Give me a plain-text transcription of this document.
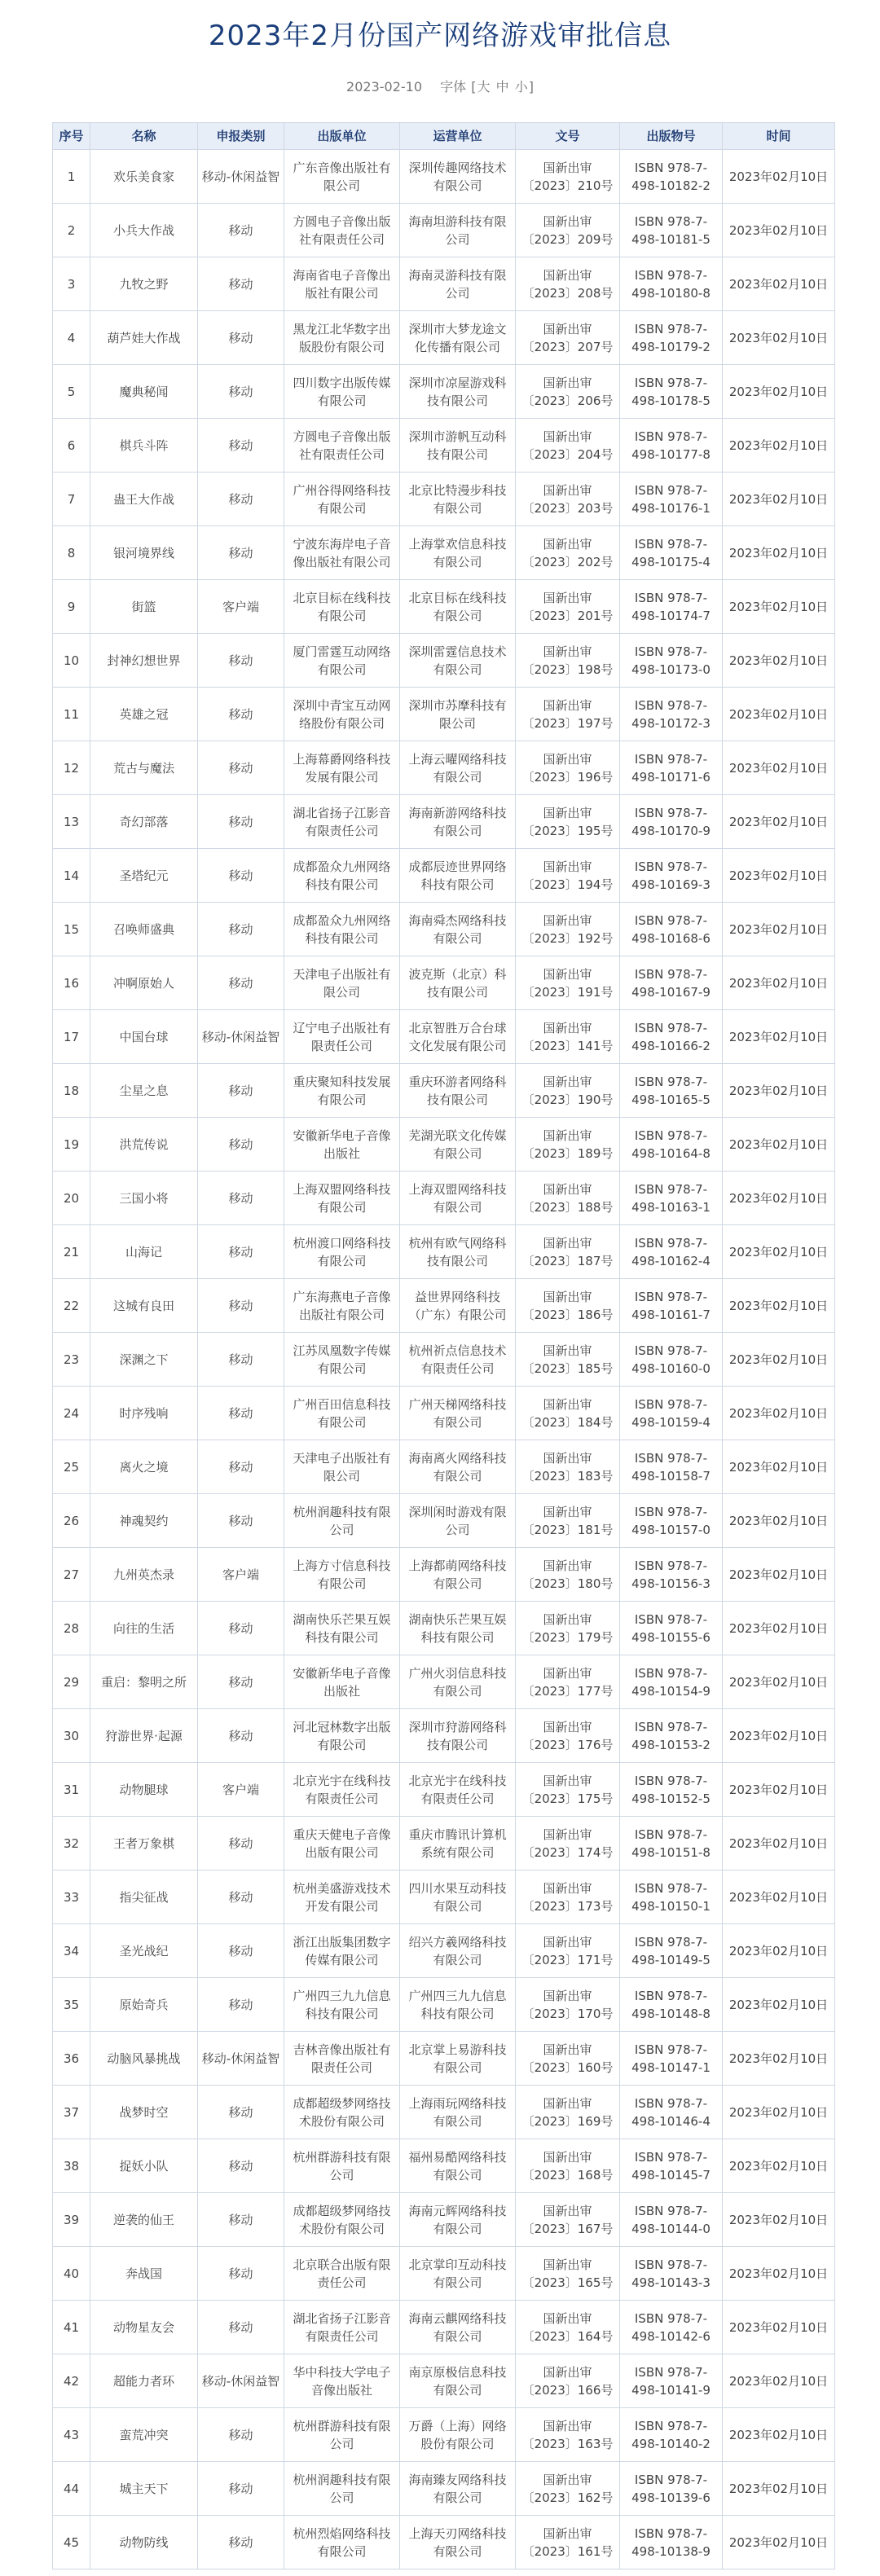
2023年2月份国产网络游戏审批信息
2023-02-10 字体 [大 中 小]
序号	名称	申报类别	出版单位	运营单位	文号	出版物号	时间
1	欢乐美食家	移动-休闲益智	广东音像出版社有限公司	深圳传趣网络技术有限公司	国新出审〔2023〕210号	ISBN 978-7-498-10182-2	2023年02月10日
2	小兵大作战	移动	方圆电子音像出版社有限责任公司	海南坦游科技有限公司	国新出审〔2023〕209号	ISBN 978-7-498-10181-5	2023年02月10日
3	九牧之野	移动	海南省电子音像出版社有限公司	海南灵游科技有限公司	国新出审〔2023〕208号	ISBN 978-7-498-10180-8	2023年02月10日
4	葫芦娃大作战	移动	黑龙江北华数字出版股份有限公司	深圳市大梦龙途文化传播有限公司	国新出审〔2023〕207号	ISBN 978-7-498-10179-2	2023年02月10日
5	魔典秘闻	移动	四川数字出版传媒有限公司	深圳市凉屋游戏科技有限公司	国新出审〔2023〕206号	ISBN 978-7-498-10178-5	2023年02月10日
6	棋兵斗阵	移动	方圆电子音像出版社有限责任公司	深圳市游帆互动科技有限公司	国新出审〔2023〕204号	ISBN 978-7-498-10177-8	2023年02月10日
7	蛊王大作战	移动	广州谷得网络科技有限公司	北京比特漫步科技有限公司	国新出审〔2023〕203号	ISBN 978-7-498-10176-1	2023年02月10日
8	银河境界线	移动	宁波东海岸电子音像出版社有限公司	上海掌欢信息科技有限公司	国新出审〔2023〕202号	ISBN 978-7-498-10175-4	2023年02月10日
9	街篮	客户端	北京目标在线科技有限公司	北京目标在线科技有限公司	国新出审〔2023〕201号	ISBN 978-7-498-10174-7	2023年02月10日
10	封神幻想世界	移动	厦门雷霆互动网络有限公司	深圳雷霆信息技术有限公司	国新出审〔2023〕198号	ISBN 978-7-498-10173-0	2023年02月10日
11	英雄之冠	移动	深圳中青宝互动网络股份有限公司	深圳市苏摩科技有限公司	国新出审〔2023〕197号	ISBN 978-7-498-10172-3	2023年02月10日
12	荒古与魔法	移动	上海幕爵网络科技发展有限公司	上海云曜网络科技有限公司	国新出审〔2023〕196号	ISBN 978-7-498-10171-6	2023年02月10日
13	奇幻部落	移动	湖北省扬子江影音有限责任公司	海南新游网络科技有限公司	国新出审〔2023〕195号	ISBN 978-7-498-10170-9	2023年02月10日
14	圣塔纪元	移动	成都盈众九州网络科技有限公司	成都辰迹世界网络科技有限公司	国新出审〔2023〕194号	ISBN 978-7-498-10169-3	2023年02月10日
15	召唤师盛典	移动	成都盈众九州网络科技有限公司	海南舜杰网络科技有限公司	国新出审〔2023〕192号	ISBN 978-7-498-10168-6	2023年02月10日
16	冲啊原始人	移动	天津电子出版社有限公司	波克斯（北京）科技有限公司	国新出审〔2023〕191号	ISBN 978-7-498-10167-9	2023年02月10日
17	中国台球	移动-休闲益智	辽宁电子出版社有限责任公司	北京智胜万合台球文化发展有限公司	国新出审〔2023〕141号	ISBN 978-7-498-10166-2	2023年02月10日
18	尘星之息	移动	重庆聚知科技发展有限公司	重庆环游者网络科技有限公司	国新出审〔2023〕190号	ISBN 978-7-498-10165-5	2023年02月10日
19	洪荒传说	移动	安徽新华电子音像出版社	芜湖光联文化传媒有限公司	国新出审〔2023〕189号	ISBN 978-7-498-10164-8	2023年02月10日
20	三国小将	移动	上海双盟网络科技有限公司	上海双盟网络科技有限公司	国新出审〔2023〕188号	ISBN 978-7-498-10163-1	2023年02月10日
21	山海记	移动	杭州渡口网络科技有限公司	杭州有欧气网络科技有限公司	国新出审〔2023〕187号	ISBN 978-7-498-10162-4	2023年02月10日
22	这城有良田	移动	广东海燕电子音像出版社有限公司	益世界网络科技（广东）有限公司	国新出审〔2023〕186号	ISBN 978-7-498-10161-7	2023年02月10日
23	深渊之下	移动	江苏凤凰数字传媒有限公司	杭州祈点信息技术有限责任公司	国新出审〔2023〕185号	ISBN 978-7-498-10160-0	2023年02月10日
24	时序残响	移动	广州百田信息科技有限公司	广州天梯网络科技有限公司	国新出审〔2023〕184号	ISBN 978-7-498-10159-4	2023年02月10日
25	离火之境	移动	天津电子出版社有限公司	海南离火网络科技有限公司	国新出审〔2023〕183号	ISBN 978-7-498-10158-7	2023年02月10日
26	神魂契约	移动	杭州润趣科技有限公司	深圳闲时游戏有限公司	国新出审〔2023〕181号	ISBN 978-7-498-10157-0	2023年02月10日
27	九州英杰录	客户端	上海方寸信息科技有限公司	上海都萌网络科技有限公司	国新出审〔2023〕180号	ISBN 978-7-498-10156-3	2023年02月10日
28	向往的生活	移动	湖南快乐芒果互娱科技有限公司	湖南快乐芒果互娱科技有限公司	国新出审〔2023〕179号	ISBN 978-7-498-10155-6	2023年02月10日
29	重启：黎明之所	移动	安徽新华电子音像出版社	广州火羽信息科技有限公司	国新出审〔2023〕177号	ISBN 978-7-498-10154-9	2023年02月10日
30	狩游世界·起源	移动	河北冠林数字出版有限公司	深圳市狩游网络科技有限公司	国新出审〔2023〕176号	ISBN 978-7-498-10153-2	2023年02月10日
31	动物腿球	客户端	北京光宇在线科技有限责任公司	北京光宇在线科技有限责任公司	国新出审〔2023〕175号	ISBN 978-7-498-10152-5	2023年02月10日
32	王者万象棋	移动	重庆天健电子音像出版有限公司	重庆市腾讯计算机系统有限公司	国新出审〔2023〕174号	ISBN 978-7-498-10151-8	2023年02月10日
33	指尖征战	移动	杭州美盛游戏技术开发有限公司	四川水果互动科技有限公司	国新出审〔2023〕173号	ISBN 978-7-498-10150-1	2023年02月10日
34	圣光战纪	移动	浙江出版集团数字传媒有限公司	绍兴方羲网络科技有限公司	国新出审〔2023〕171号	ISBN 978-7-498-10149-5	2023年02月10日
35	原始奇兵	移动	广州四三九九信息科技有限公司	广州四三九九信息科技有限公司	国新出审〔2023〕170号	ISBN 978-7-498-10148-8	2023年02月10日
36	动脑风暴挑战	移动-休闲益智	吉林音像出版社有限责任公司	北京掌上易游科技有限公司	国新出审〔2023〕160号	ISBN 978-7-498-10147-1	2023年02月10日
37	战梦时空	移动	成都超级梦网络技术股份有限公司	上海雨玩网络科技有限公司	国新出审〔2023〕169号	ISBN 978-7-498-10146-4	2023年02月10日
38	捉妖小队	移动	杭州群游科技有限公司	福州易酷网络科技有限公司	国新出审〔2023〕168号	ISBN 978-7-498-10145-7	2023年02月10日
39	逆袭的仙王	移动	成都超级梦网络技术股份有限公司	海南元辉网络科技有限公司	国新出审〔2023〕167号	ISBN 978-7-498-10144-0	2023年02月10日
40	奔战国	移动	北京联合出版有限责任公司	北京掌印互动科技有限公司	国新出审〔2023〕165号	ISBN 978-7-498-10143-3	2023年02月10日
41	动物星友会	移动	湖北省扬子江影音有限责任公司	海南云麒网络科技有限公司	国新出审〔2023〕164号	ISBN 978-7-498-10142-6	2023年02月10日
42	超能力者环	移动-休闲益智	华中科技大学电子音像出版社	南京原极信息科技有限公司	国新出审〔2023〕166号	ISBN 978-7-498-10141-9	2023年02月10日
43	蛮荒冲突	移动	杭州群游科技有限公司	万爵（上海）网络股份有限公司	国新出审〔2023〕163号	ISBN 978-7-498-10140-2	2023年02月10日
44	城主天下	移动	杭州润趣科技有限公司	海南臻友网络科技有限公司	国新出审〔2023〕162号	ISBN 978-7-498-10139-6	2023年02月10日
45	动物防线	移动	杭州烈焰网络科技有限公司	上海天刃网络科技有限公司	国新出审〔2023〕161号	ISBN 978-7-498-10138-9	2023年02月10日
